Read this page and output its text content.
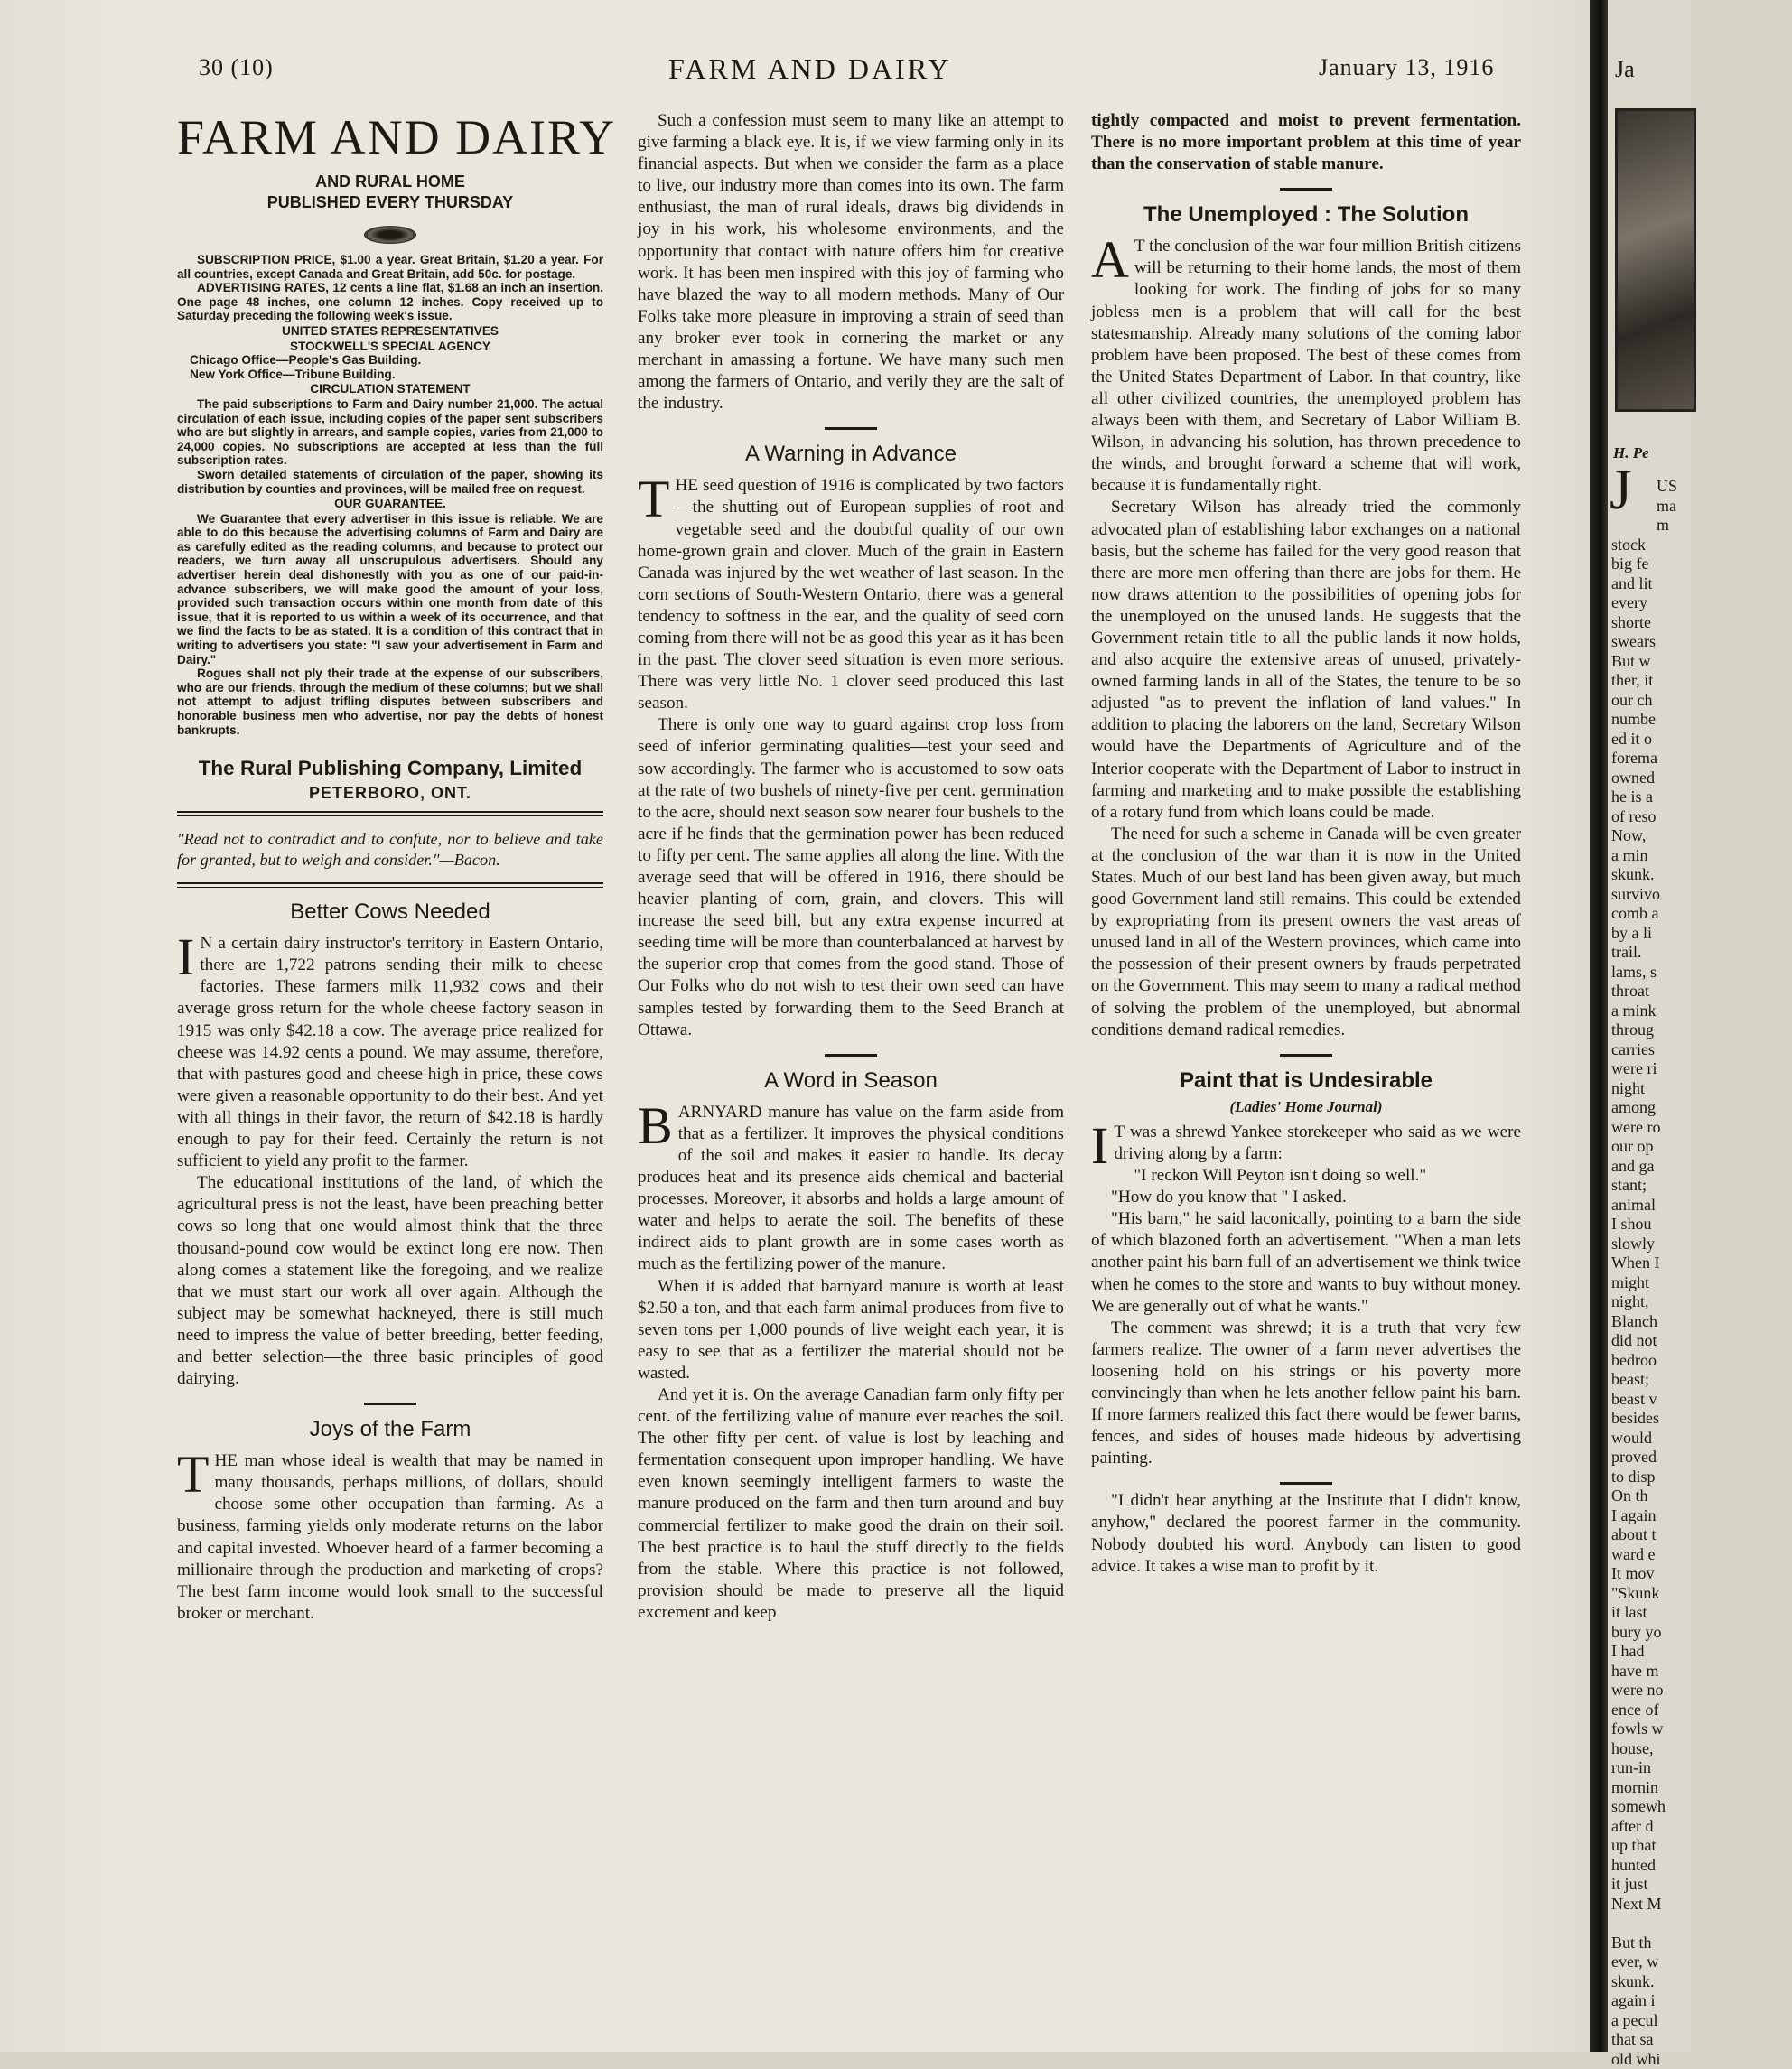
30 (10)	FARM AND DAIRY	January 13, 1916
FARM AND DAIRY
AND RURAL HOME
PUBLISHED EVERY THURSDAY

SUBSCRIPTION PRICE, $1.00 a year. Great Britain, $1.20 a year. For all countries, except Canada and Great Britain, add 50c. for postage.

ADVERTISING RATES, 12 cents a line flat, $1.68 an inch an insertion. One page 48 inches, one column 12 inches. Copy received up to Saturday preceding the following week's issue.

UNITED STATES REPRESENTATIVES

STOCKWELL'S SPECIAL AGENCY

Chicago Office—People's Gas Building.

New York Office—Tribune Building.

CIRCULATION STATEMENT

The paid subscriptions to Farm and Dairy number 21,000. The actual circulation of each issue, including copies of the paper sent subscribers who are but slightly in arrears, and sample copies, varies from 21,000 to 24,000 copies. No subscriptions are accepted at less than the full subscription rates.

Sworn detailed statements of circulation of the paper, showing its distribution by counties and provinces, will be mailed free on request.

OUR GUARANTEE.

We Guarantee that every advertiser in this issue is reliable. We are able to do this because the advertising columns of Farm and Dairy are as carefully edited as the reading columns, and because to protect our readers, we turn away all unscrupulous advertisers. Should any advertiser herein deal dishonestly with you as one of our paid-in-advance subscribers, we will make good the amount of your loss, provided such transaction occurs within one month from date of this issue, that it is reported to us within a week of its occurrence, and that we find the facts to be as stated. It is a condition of this contract that in writing to advertisers you state: "I saw your advertisement in Farm and Dairy."

Rogues shall not ply their trade at the expense of our subscribers, who are our friends, through the medium of these columns; but we shall not attempt to adjust trifling disputes between subscribers and honorable business men who advertise, nor pay the debts of honest bankrupts.

The Rural Publishing Company, Limited
PETERBORO, ONT.
"Read not to contradict and to confute, nor to believe and take for granted, but to weigh and consider."—Bacon.
Better Cows Needed

I N a certain dairy instructor's territory in Eastern Ontario, there are 1,722 patrons sending their milk to cheese factories. These farmers milk 11,932 cows and their average gross return for the whole cheese factory season in 1915 was only $42.18 a cow. The average price realized for cheese was 14.92 cents a pound. We may assume, therefore, that with pastures good and cheese high in price, these cows were given a reasonable opportunity to do their best. And yet with all things in their favor, the return of $42.18 is hardly enough to pay for their feed. Certainly the return is not sufficient to yield any profit to the farmer.

The educational institutions of the land, of which the agricultural press is not the least, have been preaching better cows so long that one would almost think that the three thousand-pound cow would be extinct long ere now. Then along comes a statement like the foregoing, and we realize that we must start our work all over again. Although the subject may be somewhat hackneyed, there is still much need to impress the value of better breeding, better feeding, and better selection—the three basic principles of good dairying.

Joys of the Farm

THE man whose ideal is wealth that may be named in many thousands, perhaps millions, of dollars, should choose some other occupation than farming. As a business, farming yields only moderate returns on the labor and capital invested. Whoever heard of a farmer becoming a millionaire through the production and marketing of crops? The best farm income would look small to the successful broker or merchant.

Such a confession must seem to many like an attempt to give farming a black eye. It is, if we view farming only in its financial aspects. But when we consider the farm as a place to live, our industry more than comes into its own. The farm enthusiast, the man of rural ideals, draws big dividends in joy in his work, his wholesome environments, and the opportunity that contact with nature offers him for creative work. It has been men inspired with this joy of farming who have blazed the way to all modern methods. Many of Our Folks take more pleasure in improving a strain of seed than any broker ever took in cornering the market or any merchant in amassing a fortune. We have many such men among the farmers of Ontario, and verily they are the salt of the industry.

A Warning in Advance

THE seed question of 1916 is complicated by two factors—the shutting out of European supplies of root and vegetable seed and the doubtful quality of our own home-grown grain and clover. Much of the grain in Eastern Canada was injured by the wet weather of last season. In the corn sections of South-Western Ontario, there was a general tendency to softness in the ear, and the quality of seed corn coming from there will not be as good this year as it has been in the past. The clover seed situation is even more serious. There was very little No. 1 clover seed produced this last season.

There is only one way to guard against crop loss from seed of inferior germinating qualities—test your seed and sow accordingly. The farmer who is accustomed to sow oats at the rate of two bushels of ninety-five per cent. germination to the acre, should next season sow nearer four bushels to the acre if he finds that the germination power has been reduced to fifty per cent. The same applies all along the line. With the average seed that will be offered in 1916, there should be heavier planting of corn, grain, and clovers. This will increase the seed bill, but any extra expense incurred at seeding time will be more than counterbalanced at harvest by the superior crop that comes from the good stand. Those of Our Folks who do not wish to test their own seed can have samples tested by forwarding them to the Seed Branch at Ottawa.

A Word in Season

BARNYARD manure has value on the farm aside from that as a fertilizer. It improves the physical conditions of the soil and makes it easier to handle. Its decay produces heat and its presence aids chemical and bacterial processes. Moreover, it absorbs and holds a large amount of water and helps to aerate the soil. The benefits of these indirect aids to plant growth are in some cases worth as much as the fertilizing power of the manure.

When it is added that barnyard manure is worth at least $2.50 a ton, and that each farm animal produces from five to seven tons per 1,000 pounds of live weight each year, it is easy to see that as a fertilizer the material should not be wasted.

And yet it is. On the average Canadian farm only fifty per cent. of the fertilizing value of manure ever reaches the soil. The other fifty per cent. of value is lost by leaching and fermentation consequent upon improper handling. We have even known seemingly intelligent farmers to waste the manure produced on the farm and then turn around and buy commercial fertilizer to make good the drain on their soil. The best practice is to haul the stuff directly to the fields from the stable. Where this practice is not followed, provision should be made to preserve all the liquid excrement and keep

tightly compacted and moist to prevent fermentation. There is no more important problem at this time of year than the conservation of stable manure.

The Unemployed : The Solution

A T the conclusion of the war four million British citizens will be returning to their home lands, the most of them looking for work. The finding of jobs for so many jobless men is a problem that will call for the best statesmanship. Already many solutions of the coming labor problem have been proposed. The best of these comes from the United States Department of Labor. In that country, like all other civilized countries, the unemployed problem has always been with them, and Secretary of Labor William B. Wilson, in advancing his solution, has thrown precedence to the winds, and brought forward a scheme that will work, because it is fundamentally right.

Secretary Wilson has already tried the commonly advocated plan of establishing labor exchanges on a national basis, but the scheme has failed for the very good reason that there are more men offering than there are jobs for them. He now draws attention to the possibilities of opening jobs for the unemployed on the unused lands. He suggests that the Government retain title to all the public lands it now holds, and also acquire the extensive areas of unused, privately-owned farming lands in all of the States, the tenure to be so adjusted "as to prevent the inflation of land values." In addition to placing the laborers on the land, Secretary Wilson would have the Departments of Agriculture and of the Interior cooperate with the Department of Labor to instruct in farming and marketing and to make possible the establishing of a rotary fund from which loans could be made.

The need for such a scheme in Canada will be even greater at the conclusion of the war than it is now in the United States. Much of our best land has been given away, but much good Government land still remains. This could be extended by expropriating from its present owners the vast areas of unused land in all of the Western provinces, which came into the possession of their present owners by frauds perpetrated on the Government. This may seem to many a radical method of solving the problem of the unemployed, but abnormal conditions demand radical remedies.

Paint that is Undesirable
(Ladies' Home Journal)

I T was a shrewd Yankee storekeeper who said as we were driving along by a farm:

"I reckon Will Peyton isn't doing so well."

"How do you know that " I asked.

"His barn," he said laconically, pointing to a barn the side of which blazoned forth an advertisement. "When a man lets another paint his barn full of an advertisement we think twice when he comes to the store and wants to buy without money. We are generally out of what he wants."

The comment was shrewd; it is a truth that very few farmers realize. The owner of a farm never advertises the loosening hold on his strings or his poverty more convincingly than when he lets another fellow paint his barn. If more farmers realized this fact there would be fewer barns, fences, and sides of houses made hideous by advertising painting.

"I didn't hear anything at the Institute that I didn't know, anyhow," declared the poorest farmer in the community. Nobody doubted his word. Anybody can listen to good advice. It takes a wise man to profit by it.

Ja
H. Pe
J	US
ma
m
stock
big fe
and lit
every
shorte
swears
But w
ther, it
our ch
numbe
ed it o
forema
owned
he is a
of reso
Now,
a min
skunk.
survivo
comb a
by a li
trail.
lams, s
throat
a mink
throug
carries
were ri
night
among
were ro
our op
and ga
stant;
animal
I shou
slowly
When I
might
night,
Blanch
did not
bedroo
beast;
beast v
besides
would
proved
to disp
On th
I again
about t
ward e
It mov
"Skunk
it last
bury yo
I had
have m
were no
ence of
fowls w
house,
run-in
mornin
somewh
after d
up that
hunted
it just
Next M
But th
ever, w
skunk.
again i
a pecul
that sa
old whi
